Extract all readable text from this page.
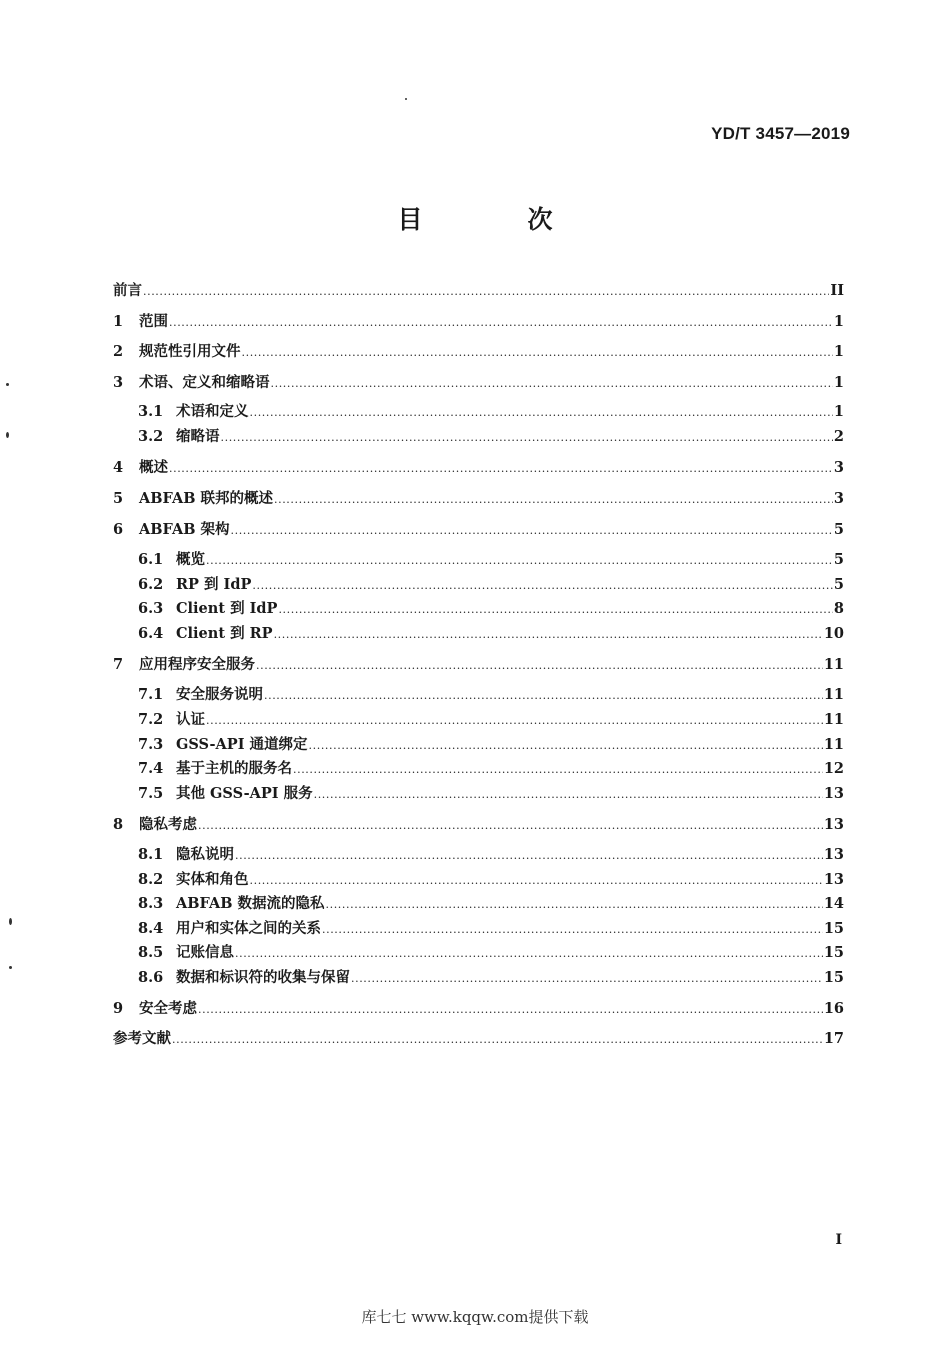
YD/T 3457—2019
目　次
前言 .....	II
1	范围 .....	1
2	规范性引用文件 .....	1
3	术语、定义和缩略语 .....	1
3.1 术语和定义 .....	1
3.2 缩略语 .....	2
4	概述 .....	3
5	ABFAB 联邦的概述 .....	3
6	ABFAB 架构 .....	5
6.1 概览 .....	5
6.2 RP 到 IdP .....	5
6.3 Client 到 IdP .....	8
6.4 Client 到 RP .....	10
7	应用程序安全服务 .....	11
7.1 安全服务说明 .....	11
7.2 认证 .....	11
7.3 GSS-API 通道绑定 .....	11
7.4 基于主机的服务名 .....	12
7.5 其他 GSS-API 服务 .....	13
8	隐私考虑 .....	13
8.1 隐私说明 .....	13
8.2 实体和角色 .....	13
8.3 ABFAB 数据流的隐私 .....	14
8.4 用户和实体之间的关系 .....	15
8.5 记账信息 .....	15
8.6 数据和标识符的收集与保留 .....	15
9	安全考虑 .....	16
参考文献 .....	17
I
库七七 www.kqqw.com提供下载
